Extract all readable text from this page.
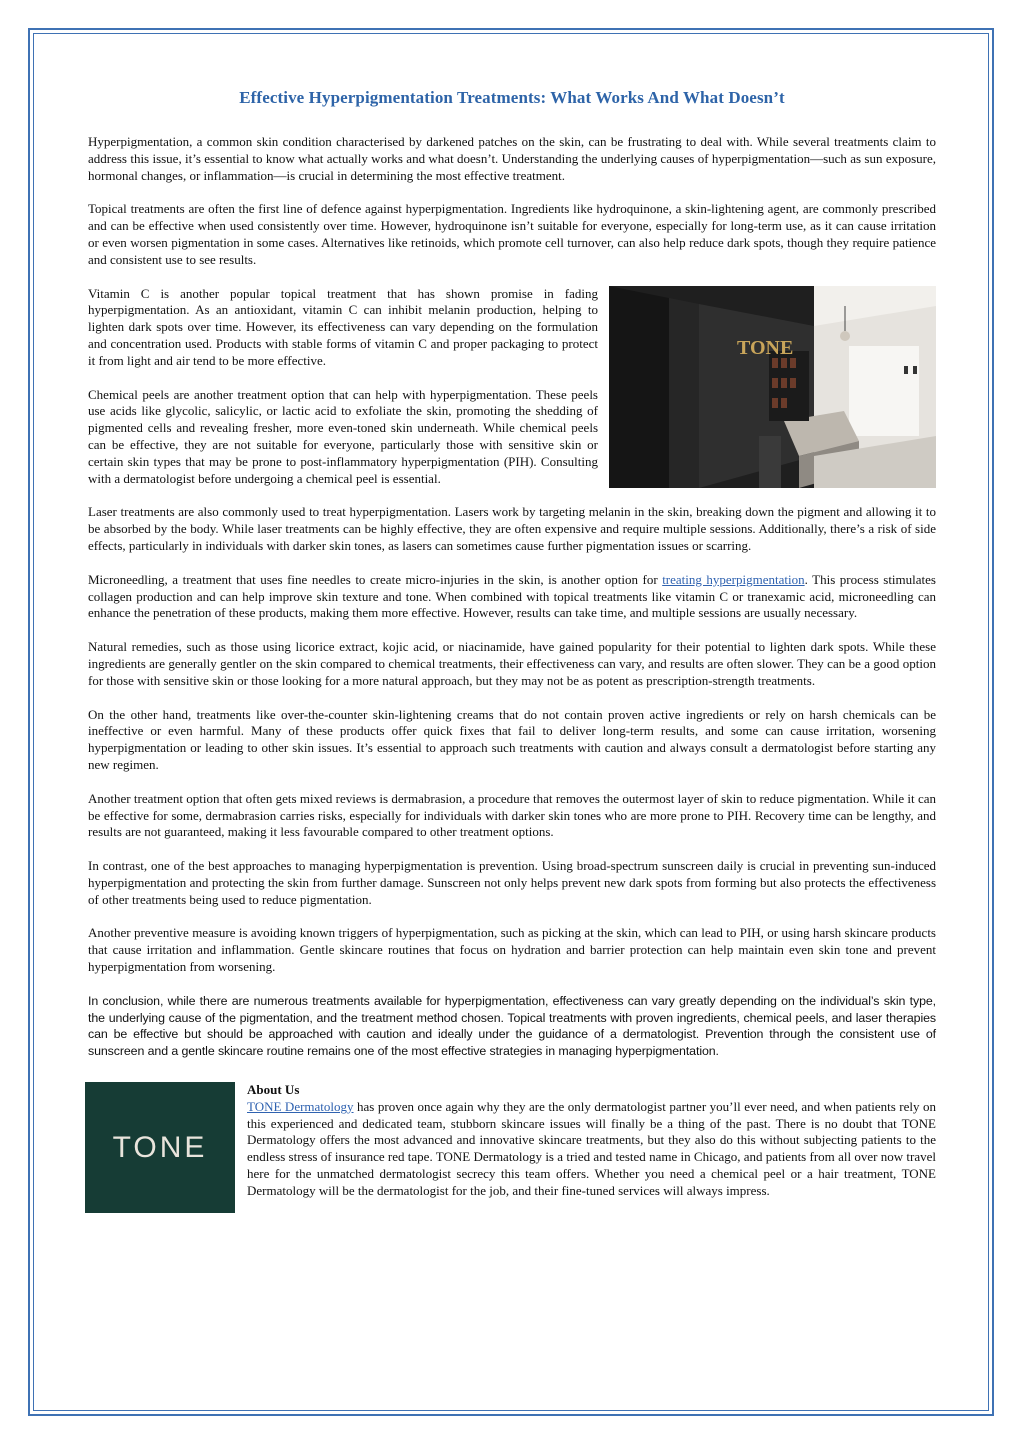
Effective Hyperpigmentation Treatments: What Works And What Doesn’t

Hyperpigmentation, a common skin condition characterised by darkened patches on the skin, can be frustrating to deal with. While several treatments claim to address this issue, it’s essential to know what actually works and what doesn’t. Understanding the underlying causes of hyperpigmentation—such as sun exposure, hormonal changes, or inflammation—is crucial in determining the most effective treatment.

Topical treatments are often the first line of defence against hyperpigmentation. Ingredients like hydroquinone, a skin-lightening agent, are commonly prescribed and can be effective when used consistently over time. However, hydroquinone isn’t suitable for everyone, especially for long-term use, as it can cause irritation or even worsen pigmentation in some cases. Alternatives like retinoids, which promote cell turnover, can also help reduce dark spots, though they require patience and consistent use to see results.

TONE

Vitamin C is another popular topical treatment that has shown promise in fading hyperpigmentation. As an antioxidant, vitamin C can inhibit melanin production, helping to lighten dark spots over time. However, its effectiveness can vary depending on the formulation and concentration used. Products with stable forms of vitamin C and proper packaging to protect it from light and air tend to be more effective.

Chemical peels are another treatment option that can help with hyperpigmentation. These peels use acids like glycolic, salicylic, or lactic acid to exfoliate the skin, promoting the shedding of pigmented cells and revealing fresher, more even-toned skin underneath. While chemical peels can be effective, they are not suitable for everyone, particularly those with sensitive skin or certain skin types that may be prone to post-inflammatory hyperpigmentation (PIH). Consulting with a dermatologist before undergoing a chemical peel is essential.

Laser treatments are also commonly used to treat hyperpigmentation. Lasers work by targeting melanin in the skin, breaking down the pigment and allowing it to be absorbed by the body. While laser treatments can be highly effective, they are often expensive and require multiple sessions. Additionally, there’s a risk of side effects, particularly in individuals with darker skin tones, as lasers can sometimes cause further pigmentation issues or scarring.

Microneedling, a treatment that uses fine needles to create micro-injuries in the skin, is another option for treating hyperpigmentation. This process stimulates collagen production and can help improve skin texture and tone. When combined with topical treatments like vitamin C or tranexamic acid, microneedling can enhance the penetration of these products, making them more effective. However, results can take time, and multiple sessions are usually necessary.

Natural remedies, such as those using licorice extract, kojic acid, or niacinamide, have gained popularity for their potential to lighten dark spots. While these ingredients are generally gentler on the skin compared to chemical treatments, their effectiveness can vary, and results are often slower. They can be a good option for those with sensitive skin or those looking for a more natural approach, but they may not be as potent as prescription-strength treatments.

On the other hand, treatments like over-the-counter skin-lightening creams that do not contain proven active ingredients or rely on harsh chemicals can be ineffective or even harmful. Many of these products offer quick fixes that fail to deliver long-term results, and some can cause irritation, worsening hyperpigmentation or leading to other skin issues. It’s essential to approach such treatments with caution and always consult a dermatologist before starting any new regimen.

Another treatment option that often gets mixed reviews is dermabrasion, a procedure that removes the outermost layer of skin to reduce pigmentation. While it can be effective for some, dermabrasion carries risks, especially for individuals with darker skin tones who are more prone to PIH. Recovery time can be lengthy, and results are not guaranteed, making it less favourable compared to other treatment options.

In contrast, one of the best approaches to managing hyperpigmentation is prevention. Using broad-spectrum sunscreen daily is crucial in preventing sun-induced hyperpigmentation and protecting the skin from further damage. Sunscreen not only helps prevent new dark spots from forming but also protects the effectiveness of other treatments being used to reduce pigmentation.

Another preventive measure is avoiding known triggers of hyperpigmentation, such as picking at the skin, which can lead to PIH, or using harsh skincare products that cause irritation and inflammation. Gentle skincare routines that focus on hydration and barrier protection can help maintain even skin tone and prevent hyperpigmentation from worsening.

In conclusion, while there are numerous treatments available for hyperpigmentation, effectiveness can vary greatly depending on the individual’s skin type, the underlying cause of the pigmentation, and the treatment method chosen. Topical treatments with proven ingredients, chemical peels, and laser therapies can be effective but should be approached with caution and ideally under the guidance of a dermatologist. Prevention through the consistent use of sunscreen and a gentle skincare routine remains one of the most effective strategies in managing hyperpigmentation.

TONE
About Us

TONE Dermatology has proven once again why they are the only dermatologist partner you’ll ever need, and when patients rely on this experienced and dedicated team, stubborn skincare issues will finally be a thing of the past. There is no doubt that TONE Dermatology offers the most advanced and innovative skincare treatments, but they also do this without subjecting patients to the endless stress of insurance red tape. TONE Dermatology is a tried and tested name in Chicago, and patients from all over now travel here for the unmatched dermatologist secrecy this team offers. Whether you need a chemical peel or a hair treatment, TONE Dermatology will be the dermatologist for the job, and their fine-tuned services will always impress.
